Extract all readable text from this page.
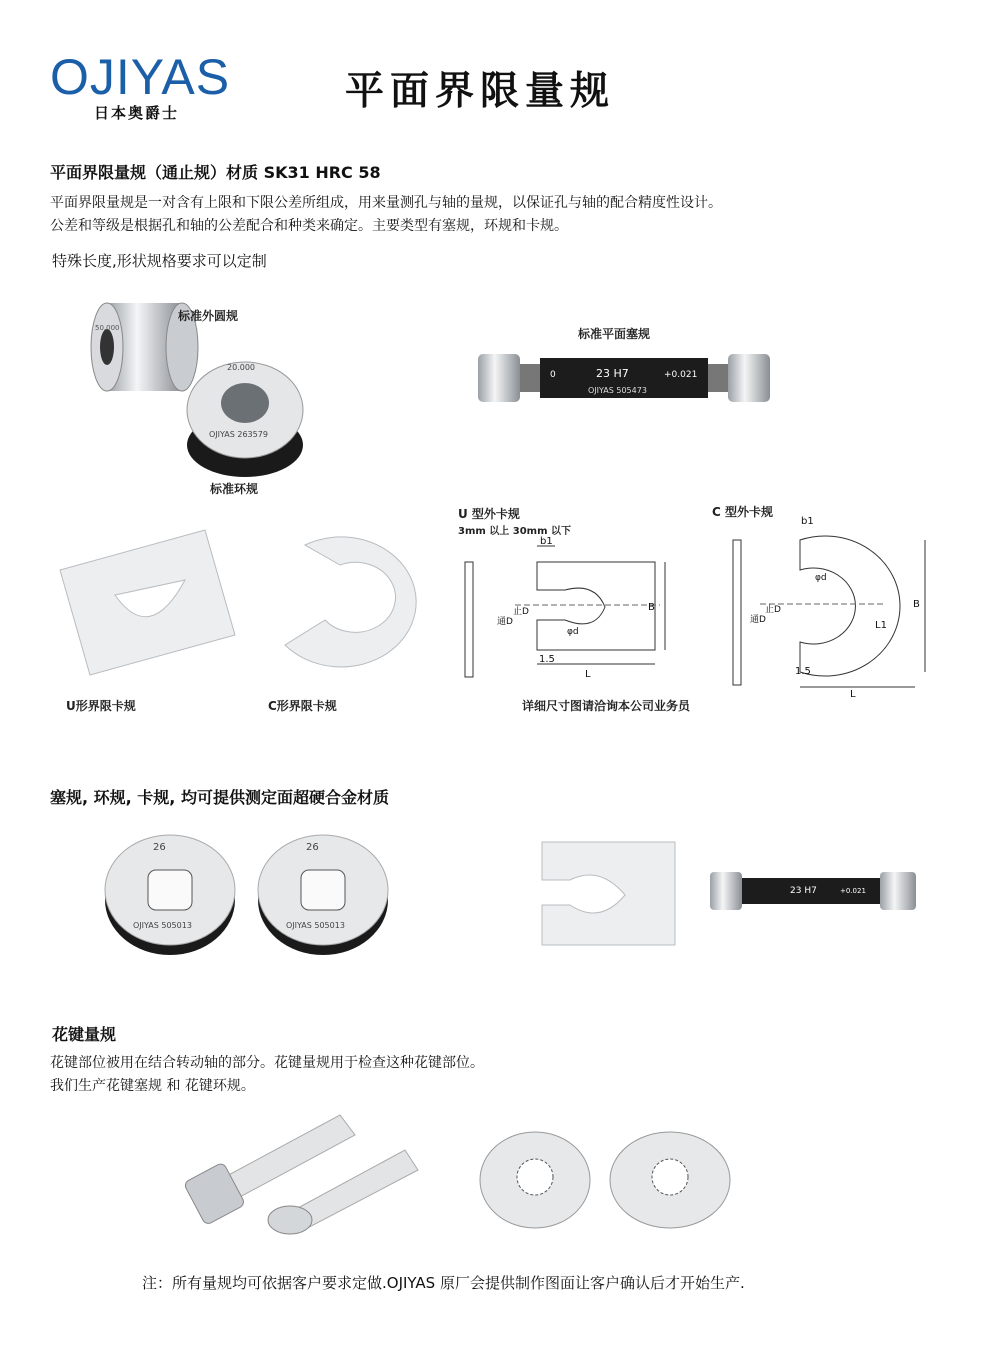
OJIYAS
日本奥爵士	平面界限量规
平面界限量规（通止规）材质 SK31 HRC 58
平面界限量规是一对含有上限和下限公差所组成，用来量测孔与轴的量规，以保证孔与轴的配合精度性设计。
公差和等级是根据孔和轴的公差配合和种类来确定。主要类型有塞规，环规和卡规。
特殊长度,形状规格要求可以定制
50.000
20.000
OJIYAS 263579
标准外圆规
标准环规
标准平面塞规
0	23 H7	+0.021
OJIYAS 505473
U形界限卡规	C形界限卡规
U 型外卡规
3mm 以上 30mm 以下
C 型外卡规
b1
B
L
1.5
通D
止D
φd
b1
B
L
L1
1.5
通D
止D
φd
详细尺寸图请洽询本公司业务员
塞规, 环规, 卡规, 均可提供测定面超硬合金材质
26
OJIYAS 505013
26
OJIYAS 505013
23 H7	+0.021
花键量规
花键部位被用在结合转动轴的部分。花键量规用于检查这种花键部位。
我们生产花键塞规 和 花键环规。
注：所有量规均可依据客户要求定做.OJIYAS 原厂会提供制作图面让客户确认后才开始生产.
